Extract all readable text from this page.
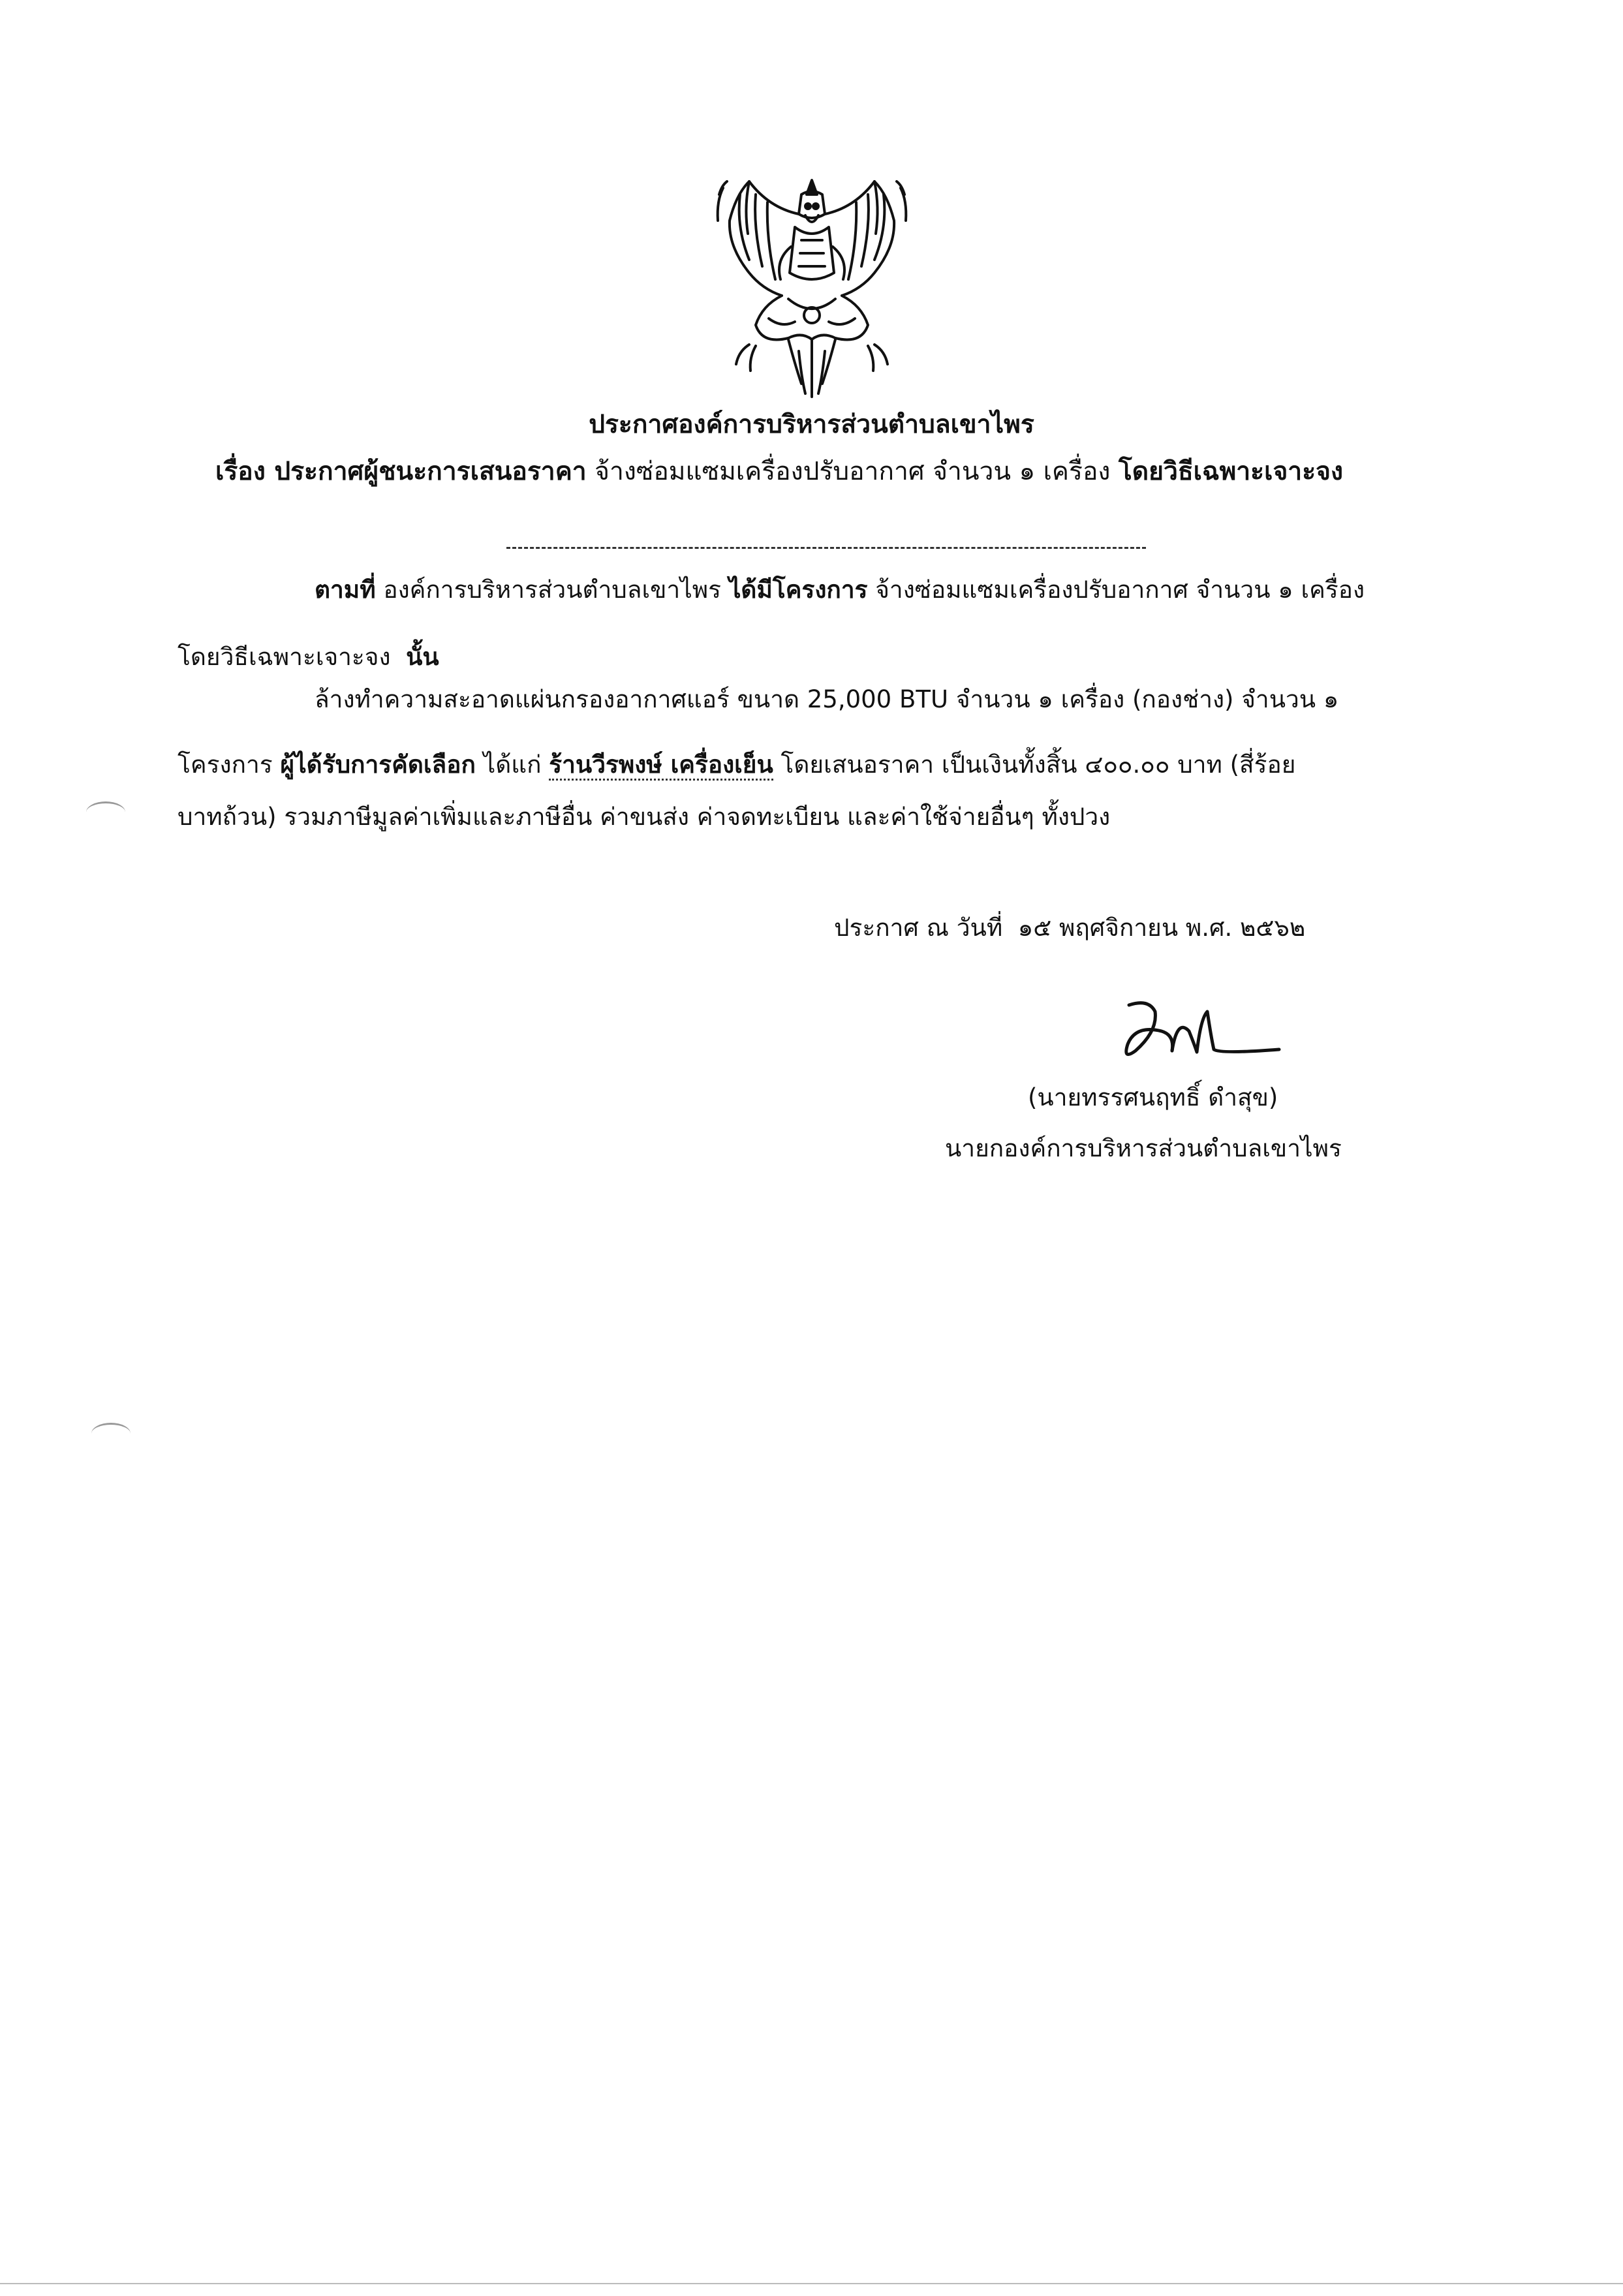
ประกาศองค์การบริหารส่วนตำบลเขาไพร
เรื่อง ประกาศผู้ชนะการเสนอราคา จ้างซ่อมแซมเครื่องปรับอากาศ จำนวน ๑ เครื่อง โดยวิธีเฉพาะเจาะจง
ตามที่ องค์การบริหารส่วนตำบลเขาไพร ได้มีโครงการ จ้างซ่อมแซมเครื่องปรับอากาศ จำนวน ๑ เครื่อง
โดยวิธีเฉพาะเจาะจง นั้น
ล้างทำความสะอาดแผ่นกรองอากาศแอร์ ขนาด 25,000 BTU จำนวน ๑ เครื่อง (กองช่าง) จำนวน ๑
โครงการ ผู้ได้รับการคัดเลือก ได้แก่ ร้านวีรพงษ์ เครื่องเย็น โดยเสนอราคา เป็นเงินทั้งสิ้น ๔๐๐.๐๐ บาท (สี่ร้อย
บาทถ้วน) รวมภาษีมูลค่าเพิ่มและภาษีอื่น ค่าขนส่ง ค่าจดทะเบียน และค่าใช้จ่ายอื่นๆ ทั้งปวง
ประกาศ ณ วันที่ ๑๕ พฤศจิกายน พ.ศ. ๒๕๖๒
(นายทรรศนฤทธิ์ ดำสุข)
นายกองค์การบริหารส่วนตำบลเขาไพร
